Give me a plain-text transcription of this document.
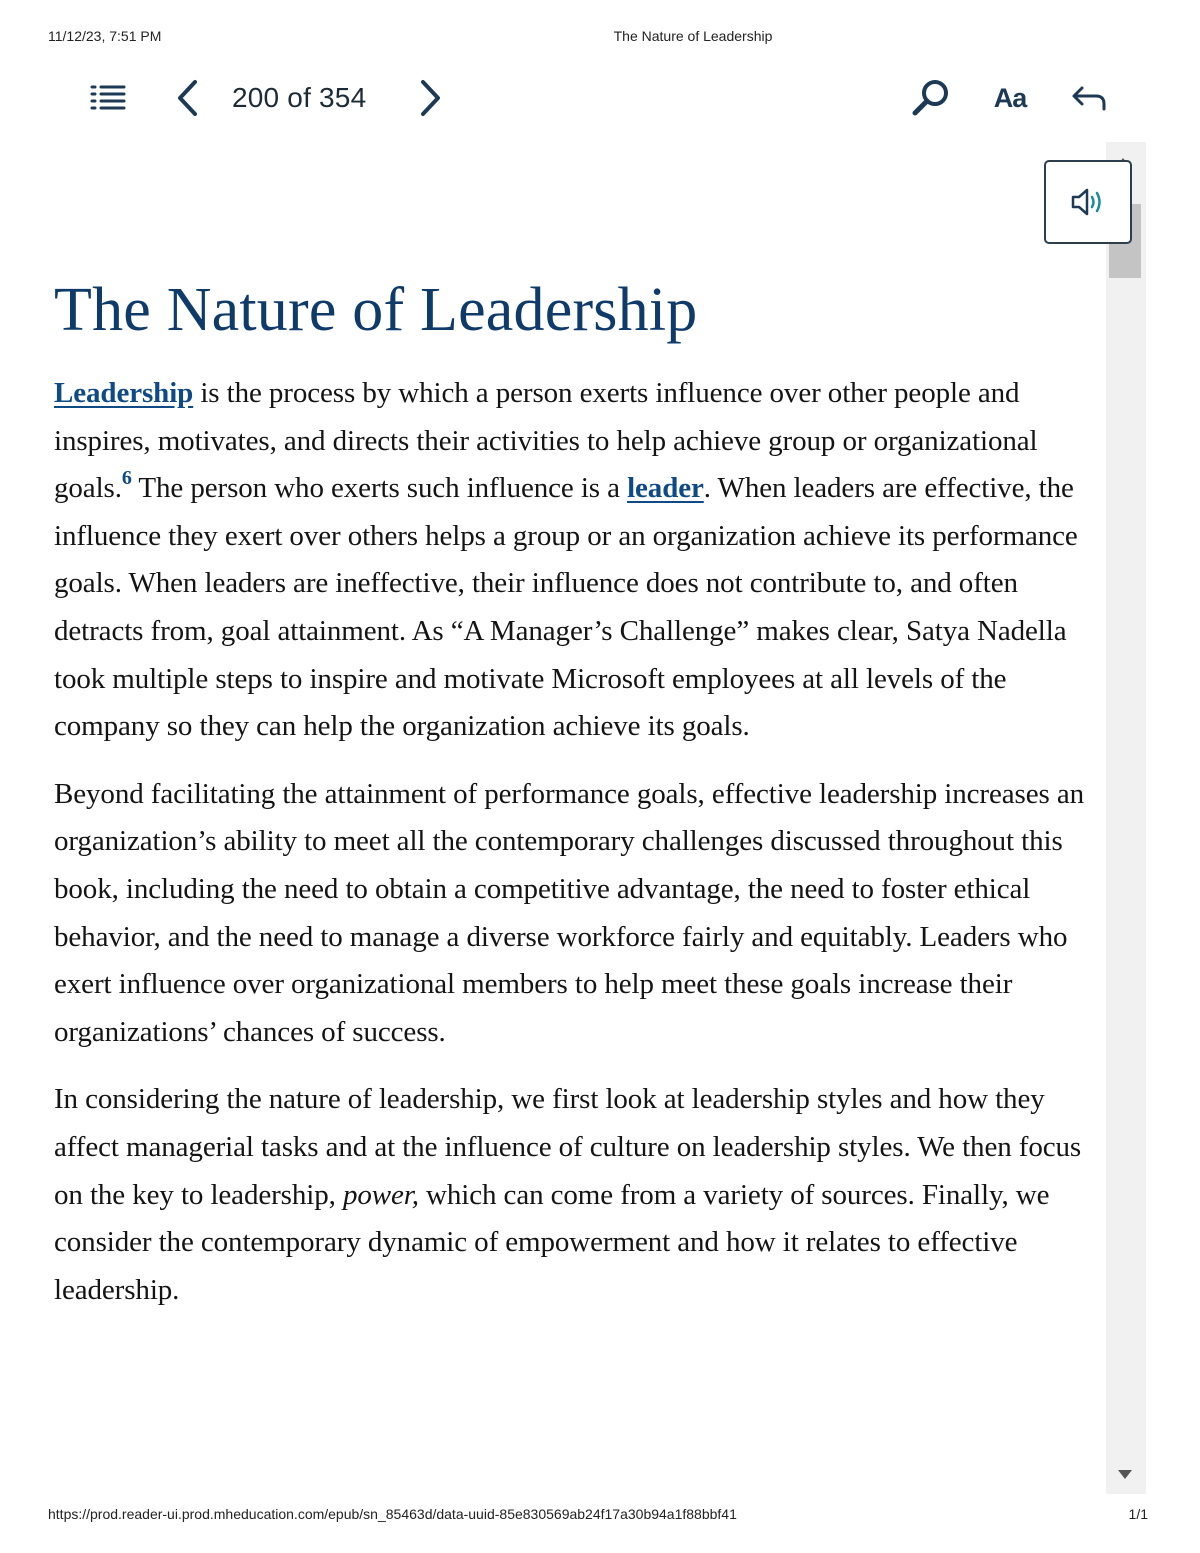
11/12/23, 7:51 PM	The Nature of Leadership
200 of 354	Aa
The Nature of Leadership

Leadership is the process by which a person exerts influence over other people and inspires, motivates, and directs their activities to help achieve group or organizational goals.$^6$ The person who exerts such influence is a leader. When leaders are effective, the influence they exert over others helps a group or an organization achieve its performance goals. When leaders are ineffective, their influence does not contribute to, and often detracts from, goal attainment. As “A Manager’s Challenge” makes clear, Satya Nadella took multiple steps to inspire and motivate Microsoft employees at all levels of the company so they can help the organization achieve its goals.

Beyond facilitating the attainment of performance goals, effective leadership increases an organization’s ability to meet all the contemporary challenges discussed throughout this book, including the need to obtain a competitive advantage, the need to foster ethical behavior, and the need to manage a diverse workforce fairly and equitably. Leaders who exert influence over organizational members to help meet these goals increase their organizations’ chances of success.

In considering the nature of leadership, we first look at leadership styles and how they affect managerial tasks and at the influence of culture on leadership styles. We then focus on the key to leadership, power, which can come from a variety of sources. Finally, we consider the contemporary dynamic of empowerment and how it relates to effective leadership.

https://prod.reader-ui.prod.mheducation.com/epub/sn_85463d/data-uuid-85e830569ab24f17a30b94a1f88bbf41	1/1
